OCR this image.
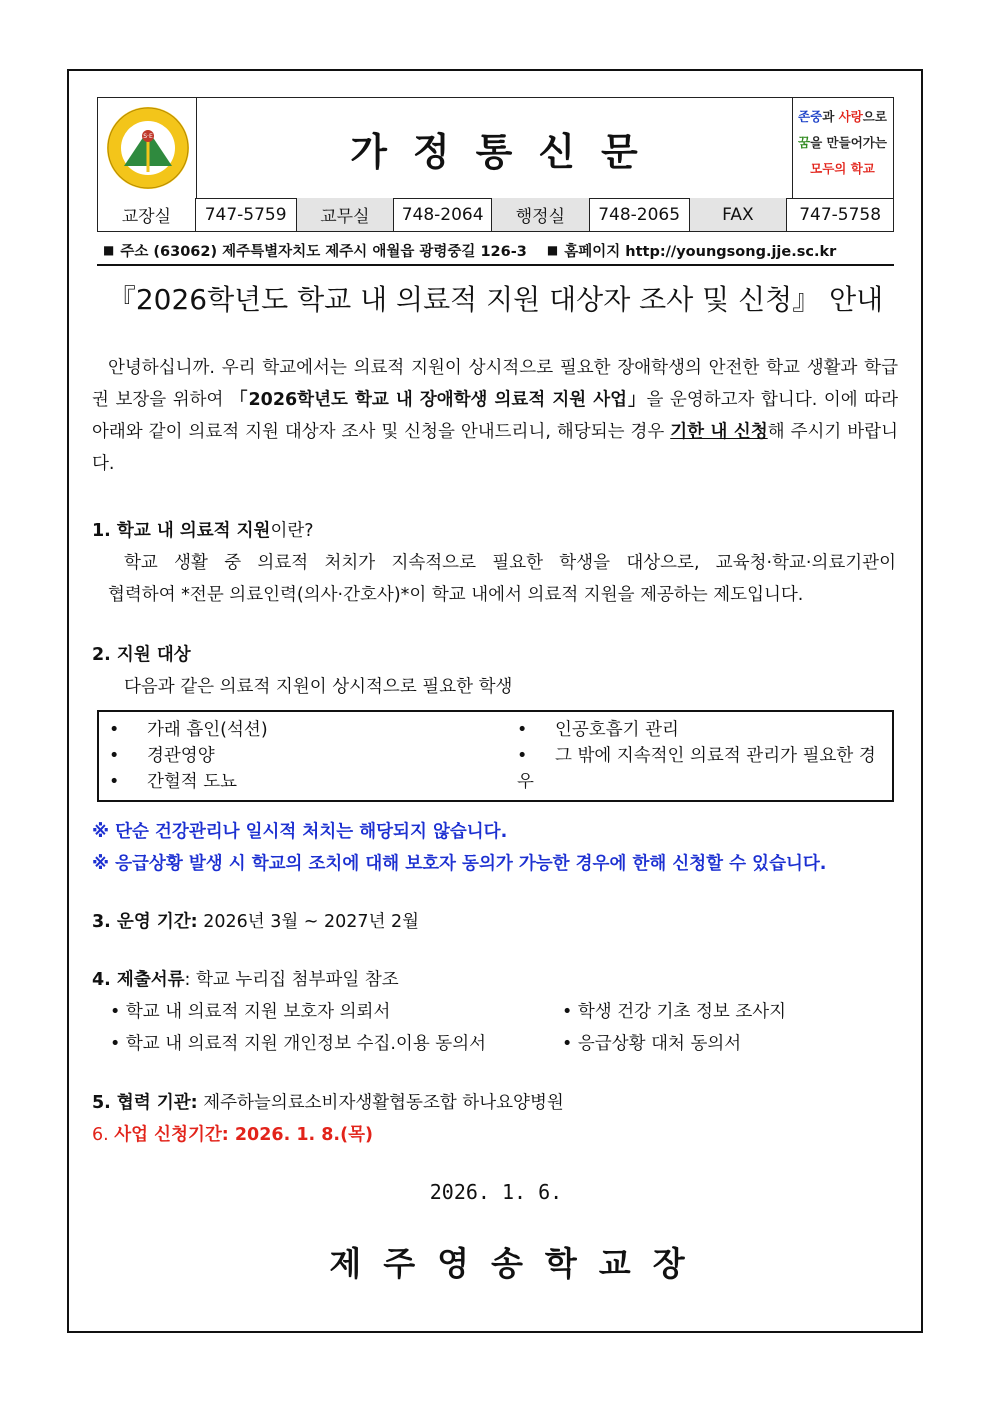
S·E	가정통신문
존중과 사랑으로
꿈을 만들어가는
모두의 학교
교장실	747-5759	교무실	748-2064	행정실	748-2065	FAX	747-5758
■ 주소 (63062) 제주특별자치도 제주시 애월읍 광령중길 126-3 ■ 홈페이지 http://youngsong.jje.sc.kr
『2026학년도 학교 내 의료적 지원 대상자 조사 및 신청』 안내
안녕하십니까. 우리 학교에서는 의료적 지원이 상시적으로 필요한 장애학생의 안전한 학교 생활과 학급권 보장을 위하여 「2026학년도 학교 내 장애학생 의료적 지원 사업」을 운영하고자 합니다. 이에 따라 아래와 같이 의료적 지원 대상자 조사 및 신청을 안내드리니, 해당되는 경우 기한 내 신청해 주시기 바랍니다.
1. 학교 내 의료적 지원이란?
학교 생활 중 의료적 처치가 지속적으로 필요한 학생을 대상으로, 교육청·학교·의료기관이
협력하여 *전문 의료인력(의사·간호사)*이 학교 내에서 의료적 지원을 제공하는 제도입니다.
2. 지원 대상
다음과 같은 의료적 지원이 상시적으로 필요한 학생
• 가래 흡인(석션)
• 경관영양
• 간헐적 도뇨
• 인공호흡기 관리
• 그 밖에 지속적인 의료적 관리가 필요한 경우
※ 단순 건강관리나 일시적 처치는 해당되지 않습니다.
※ 응급상황 발생 시 학교의 조치에 대해 보호자 동의가 가능한 경우에 한해 신청할 수 있습니다.
3. 운영 기간: 2026년 3월 ~ 2027년 2월
4. 제출서류: 학교 누리집 첨부파일 참조
• 학교 내 의료적 지원 보호자 의뢰서	• 학생 건강 기초 정보 조사지
• 학교 내 의료적 지원 개인정보 수집.이용 동의서	• 응급상황 대처 동의서
5. 협력 기관: 제주하늘의료소비자생활협동조합 하나요양병원
6. 사업 신청기간: 2026. 1. 8.(목)
2026. 1. 6.
제주영송학교장
